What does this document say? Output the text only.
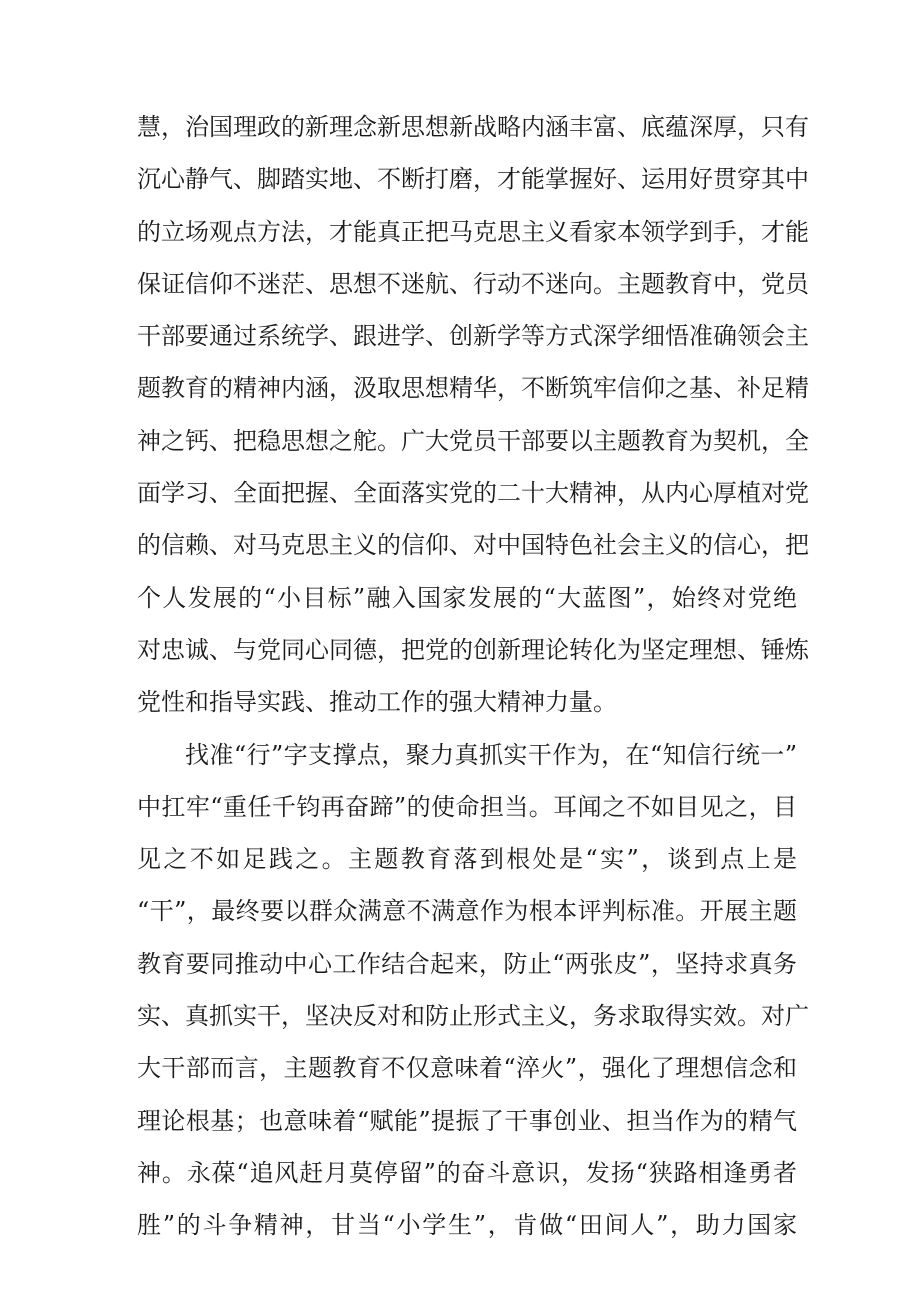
慧，治国理政的新理念新思想新战略内涵丰富、底蕴深厚，只有
沉心静气、脚踏实地、不断打磨，才能掌握好、运用好贯穿其中
的立场观点方法，才能真正把马克思主义看家本领学到手，才能
保证信仰不迷茫、思想不迷航、行动不迷向。主题教育中，党员
干部要通过系统学、跟进学、创新学等方式深学细悟准确领会主
题教育的精神内涵，汲取思想精华，不断筑牢信仰之基、补足精
神之钙、把稳思想之舵。广大党员干部要以主题教育为契机，全
面学习、全面把握、全面落实党的二十大精神，从内心厚植对党
的信赖、对马克思主义的信仰、对中国特色社会主义的信心，把
个人发展的“小目标”融入国家发展的“大蓝图”，始终对党绝
对忠诚、与党同心同德，把党的创新理论转化为坚定理想、锤炼
党性和指导实践、推动工作的强大精神力量。
找准“行”字支撑点，聚力真抓实干作为，在“知信行统一”
中扛牢“重任千钧再奋蹄”的使命担当。耳闻之不如目见之，目
见之不如足践之。主题教育落到根处是“实”，谈到点上是
“干”，最终要以群众满意不满意作为根本评判标准。开展主题
教育要同推动中心工作结合起来，防止“两张皮”，坚持求真务
实、真抓实干，坚决反对和防止形式主义，务求取得实效。对广
大干部而言，主题教育不仅意味着“淬火”，强化了理想信念和
理论根基；也意味着“赋能”提振了干事创业、担当作为的精气
神。永葆“追风赶月莫停留”的奋斗意识，发扬“狭路相逢勇者
胜”的斗争精神，甘当“小学生”，肯做“田间人”，助力国家
